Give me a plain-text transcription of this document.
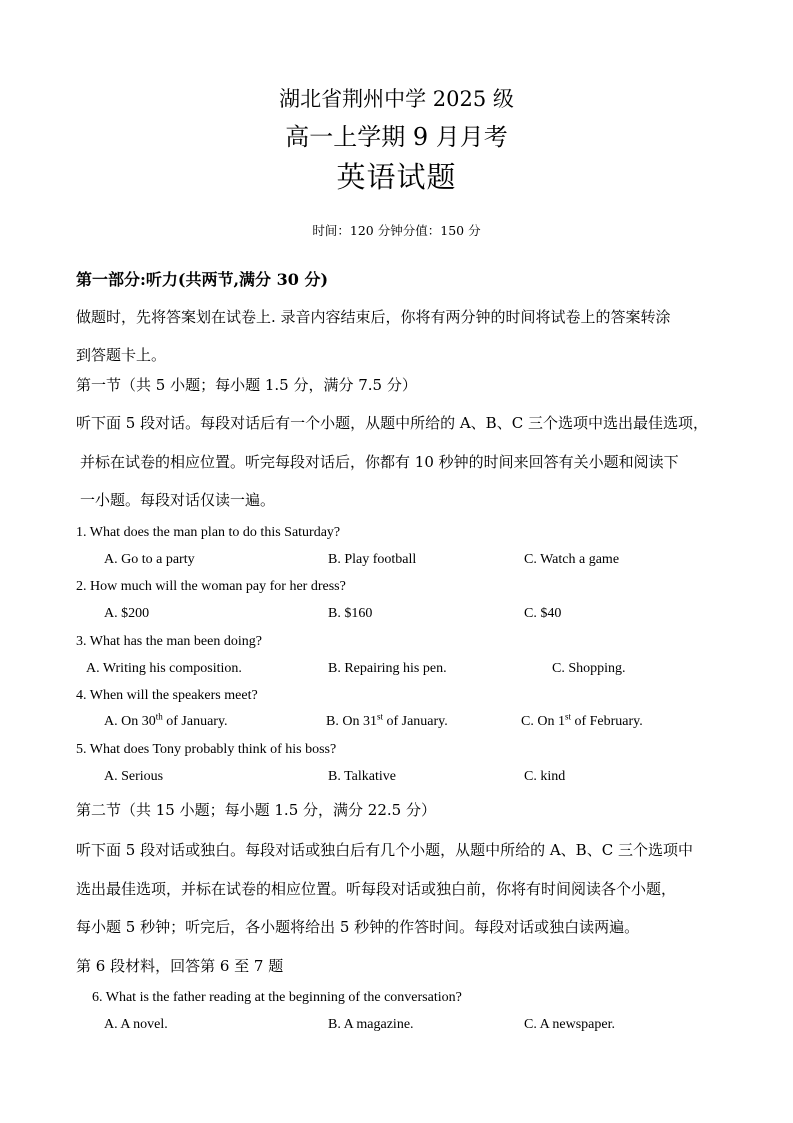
湖北省荆州中学 2025 级
高一上学期 9 月月考
英语试题
时间：120 分钟分值：150 分
第一部分:听力(共两节,满分 30 分)
做题时，先将答案划在试卷上. 录音内容结束后，你将有两分钟的时间将试卷上的答案转涂
到答题卡上。
第一节（共 5 小题；每小题 1.5 分，满分 7.5 分）
听下面 5 段对话。每段对话后有一个小题，从题中所给的 A、B、C 三个选项中选出最佳选项，
并标在试卷的相应位置。听完每段对话后，你都有 10 秒钟的时间来回答有关小题和阅读下
一小题。每段对话仅读一遍。
1. What does the man plan to do this Saturday?
A. Go to a party	B. Play football	C. Watch a game
2. How much will the woman pay for her dress?
A. $200	B. $160	C. $40
3. What has the man been doing?
A. Writing his composition.	B. Repairing his pen.	C. Shopping.
4. When will the speakers meet?
A. On 30th of January.	B. On 31st of January.	C. On 1st of February.
5. What does Tony probably think of his boss?
A. Serious	B. Talkative	C. kind
第二节（共 15 小题；每小题 1.5 分，满分 22.5 分）
听下面 5 段对话或独白。每段对话或独白后有几个小题，从题中所给的 A、B、C 三个选项中
选出最佳选项，并标在试卷的相应位置。听每段对话或独白前，你将有时间阅读各个小题，
每小题 5 秒钟；听完后，各小题将给出 5 秒钟的作答时间。每段对话或独白读两遍。
第 6 段材料，回答第 6 至 7 题
6. What is the father reading at the beginning of the conversation?
A. A novel.	B. A magazine.	C. A newspaper.
